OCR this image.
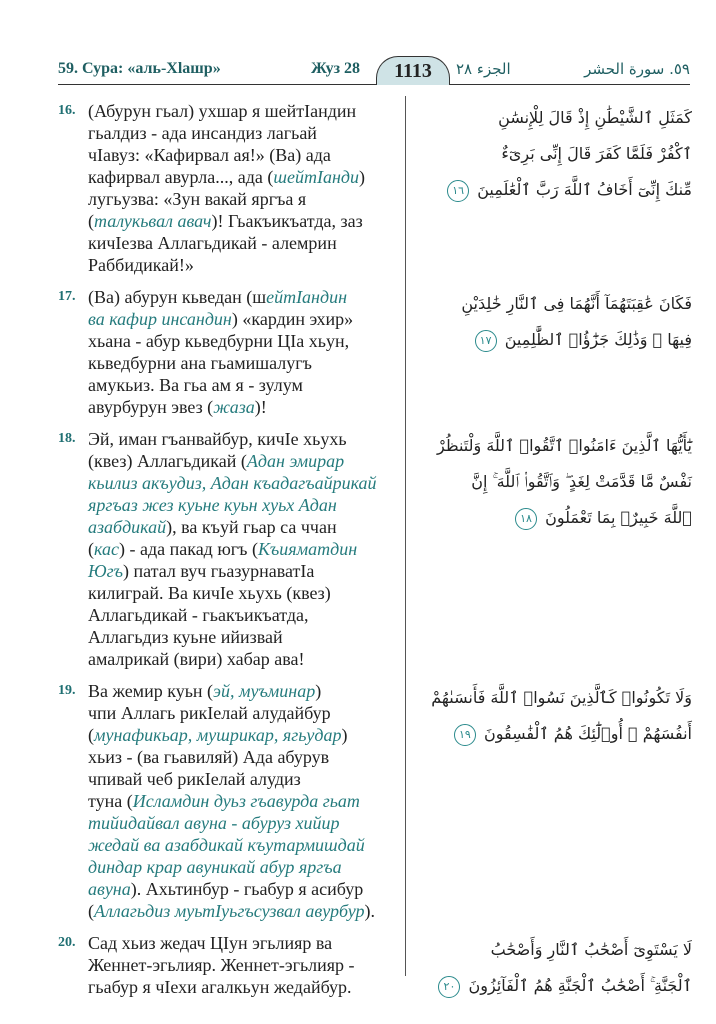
59. Сура: «аль-Хlашр»	Жуз 28	1113	الجزء ٢٨	٥٩. سورة الحشر
16. (Абурун гьал) ухшар я шейтIандин
гьалдиз - ада инсандиз лагьай
чIавуз: «Кафирвал ая!» (Ва) ада
кафирвал авурла..., ада (шейтIанди)
лугьузва: «Зун вакай яргъа я
(талукьвал авач)! Гьакъикъатда, заз
кичIезва Аллагьдикай - алемрин
Раббидикай!»
كَمَثَلِ ٱلشَّيْطَٰنِ إِذْ قَالَ لِلْإِنسَٰنِ
ٱكْفُرْ فَلَمَّا كَفَرَ قَالَ إِنِّى بَرِىٓءٌ
مِّنكَ إِنِّىٓ أَخَافُ ٱللَّهَ رَبَّ ٱلْعَٰلَمِينَ ١٦
17. (Ва) абурун кьведан (шейтIандин
ва кафир инсандин) «кардин эхир»
хьана - абур кьведбурни ЦIа хьун,
кьведбурни ана гьамишалугъ
амукьиз. Ва гьа ам я - зулум
авурбурун эвез (жаза)!
فَكَانَ عَٰقِبَتَهُمَآ أَنَّهُمَا فِى ٱلنَّارِ خَٰلِدَيْنِ
فِيهَا ۚ وَذَٰلِكَ جَزَٰٓؤُا۟ ٱلظَّٰلِمِينَ ١٧
18. Эй, иман гъанвайбур, кичIе хьухь
(квез) Аллагьдикай (Адан эмирар
кьилиз акъудиз, Адан къадагъайрикай
яргъаз жез куьне куьн хуьх Адан
азабдикай), ва къуй гьар са ччан
(кас) - ада пакад югъ (Къияматдин
Югъ) патал вуч гьазурнаватIа
килиграй. Ва кичIе хьухь (квез)
Аллагьдикай - гьакъикъатда,
Аллагьдиз куьне ийизвай
амалрикай (вири) хабар ава!
يَٰٓأَيُّهَا ٱلَّذِينَ ءَامَنُوا۟ ٱتَّقُوا۟ ٱللَّهَ وَلْتَنظُرْ
نَفْسٌ مَّا قَدَّمَتْ لِغَدٍ ۖ وَٱتَّقُوا۟ ٱللَّهَ ۚ إِنَّ
ٱللَّهَ خَبِيرٌۢ بِمَا تَعْمَلُونَ ١٨
19. Ва жемир куьн (эй, муъминар)
чпи Аллагь рикIелай алудайбур
(мунафикьар, мушрикар, ягьудар)
хьиз - (ва гьавиляй) Ада абурув
чпивай чеб рикIелай алудиз
туна (Исламдин дуьз гъавурда гьат
тийидайвал авуна - абуруз хийир
жедай ва азабдикай къутармишдай
диндар крар авуникай абур яргъа
авуна). Ахьтинбур - гьабур я асибур
(Аллагьдиз муьтIуьгъсузвал авурбур).
وَلَا تَكُونُوا۟ كَٱلَّذِينَ نَسُوا۟ ٱللَّهَ فَأَنسَىٰهُمْ
أَنفُسَهُمْ ۚ أُو۟لَٰٓئِكَ هُمُ ٱلْفَٰسِقُونَ ١٩
20. Сад хьиз жедач ЦIун эгьлияр ва
Женнет-эгьлияр. Женнет-эгьлияр -
гьабур я чIехи агалкьун жедайбур.
لَا يَسْتَوِىٓ أَصْحَٰبُ ٱلنَّارِ وَأَصْحَٰبُ
ٱلْجَنَّةِ ۚ أَصْحَٰبُ ٱلْجَنَّةِ هُمُ ٱلْفَآئِزُونَ ٢٠
